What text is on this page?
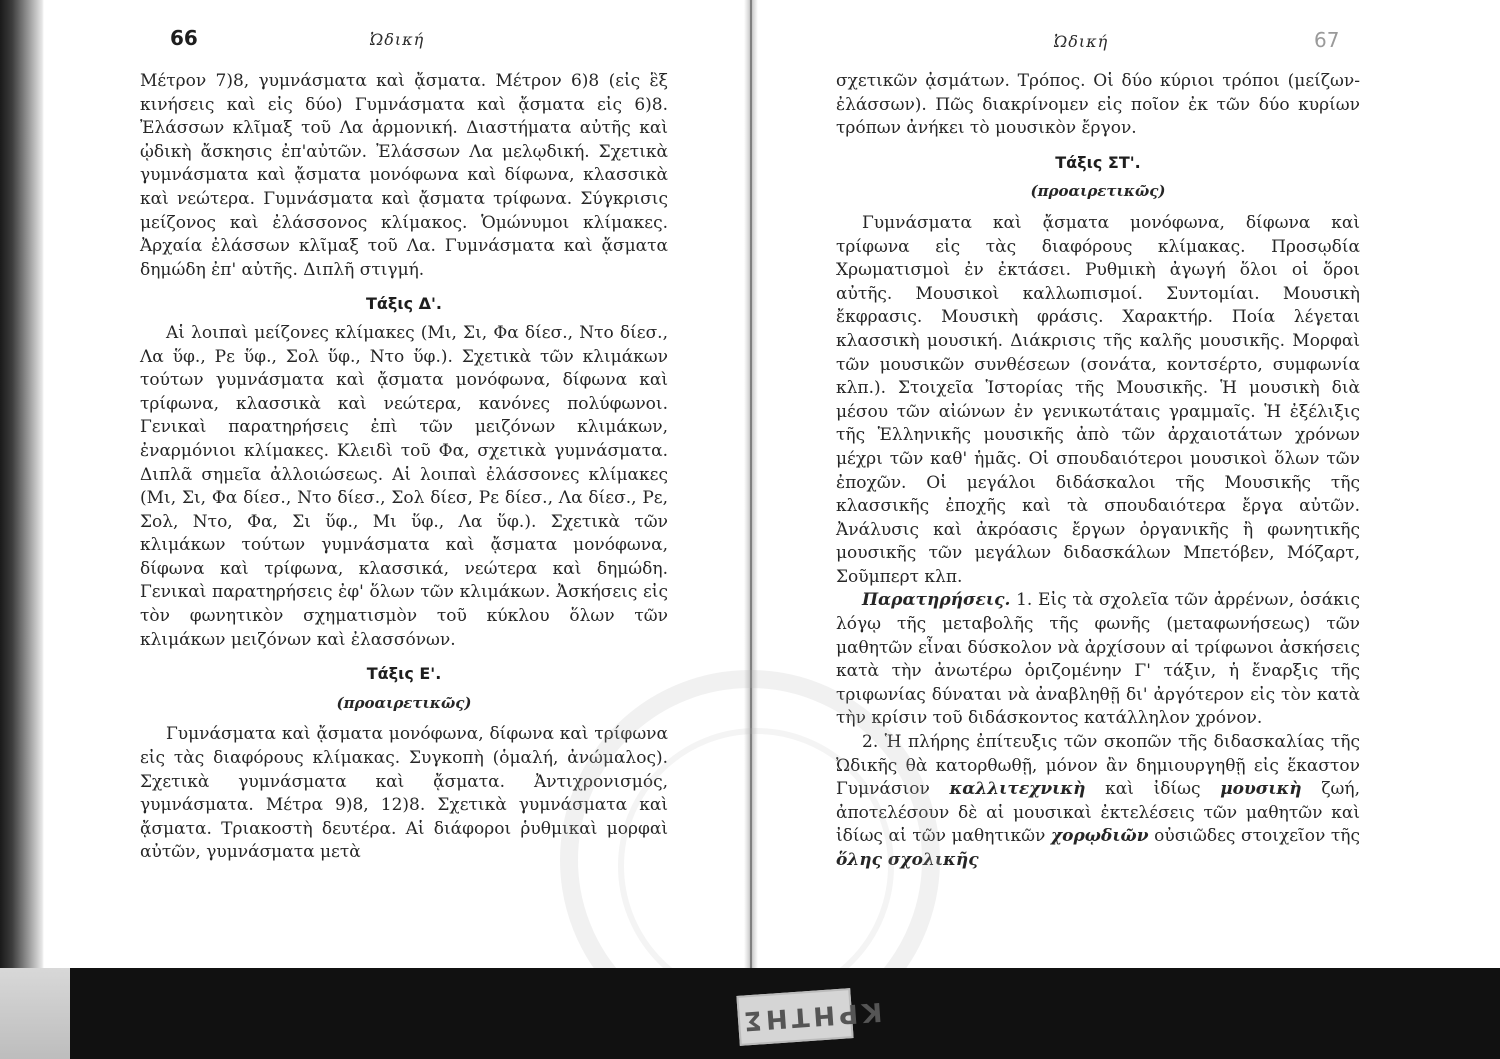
66	Ὠδική

Μέτρον 7)8, γυμνάσματα καὶ ᾄσματα. Μέτρον 6)8 (εἰς ἓξ κινήσεις καὶ εἰς δύο) Γυμνάσματα καὶ ᾄσματα εἰς 6)8. Ἐλάσσων κλῖμαξ τοῦ Λα ἁρμονική. Διαστήματα αὐτῆς καὶ ᾠδικὴ ἄσκησις ἐπ'αὐτῶν. Ἐλάσσων Λα μελῳδική. Σχετικὰ γυμνάσματα καὶ ᾄσματα μονόφωνα καὶ δίφωνα, κλασσικὰ καὶ νεώτερα. Γυμνάσματα καὶ ᾄσματα τρίφωνα. Σύγκρισις μείζονος καὶ ἐλάσσονος κλίμακος. Ὁμώνυμοι κλίμακες. Ἀρχαία ἐλάσσων κλῖμαξ τοῦ Λα. Γυμνάσματα καὶ ᾄσματα δημώδη ἐπ' αὐτῆς. Διπλῆ στιγμή.

Τάξις Δ'.

Αἱ λοιπαὶ μείζονες κλίμακες (Μι, Σι, Φα δίεσ., Ντο δίεσ., Λα ὕφ., Ρε ὕφ., Σολ ὕφ., Ντο ὕφ.). Σχετικὰ τῶν κλιμάκων τούτων γυμνάσματα καὶ ᾄσματα μονόφωνα, δίφωνα καὶ τρίφωνα, κλασσικὰ καὶ νεώτερα, κανόνες πολύφωνοι. Γενικαὶ παρατηρήσεις ἐπὶ τῶν μειζόνων κλιμάκων, ἐναρμόνιοι κλίμακες. Κλειδὶ τοῦ Φα, σχετικὰ γυμνάσματα. Διπλᾶ σημεῖα ἀλλοιώσεως. Αἱ λοιπαὶ ἐλάσσονες κλίμακες (Μι, Σι, Φα δίεσ., Ντο δίεσ., Σολ δίεσ, Ρε δίεσ., Λα δίεσ., Ρε, Σολ, Ντο, Φα, Σι ὕφ., Μι ὕφ., Λα ὕφ.). Σχετικὰ τῶν κλιμάκων τούτων γυμνάσματα καὶ ᾄσματα μονόφωνα, δίφωνα καὶ τρίφωνα, κλασσικά, νεώτερα καὶ δημώδη. Γενικαὶ παρατηρήσεις ἐφ' ὅλων τῶν κλιμάκων. Ἀσκήσεις εἰς τὸν φωνητικὸν σχηματισμὸν τοῦ κύκλου ὅλων τῶν κλιμάκων μειζόνων καὶ ἐλασσόνων.

Τάξις Ε'.
(προαιρετικῶς)

Γυμνάσματα καὶ ᾄσματα μονόφωνα, δίφωνα καὶ τρίφωνα εἰς τὰς διαφόρους κλίμακας. Συγκοπὴ (ὁμαλή, ἀνώμαλος). Σχετικὰ γυμνάσματα καὶ ᾄσματα. Ἀντιχρονισμός, γυμνάσματα. Μέτρα 9)8, 12)8. Σχετικὰ γυμνάσματα καὶ ᾄσματα. Τριακοστὴ δευτέρα. Αἱ διάφοροι ῥυθμικαὶ μορφαὶ αὐτῶν, γυμνάσματα μετὰ

67
Ὠδική

σχετικῶν ᾀσμάτων. Τρόπος. Οἱ δύο κύριοι τρόποι (μείζων-ἐλάσσων). Πῶς διακρίνομεν εἰς ποῖον ἐκ τῶν δύο κυρίων τρόπων ἀνήκει τὸ μουσικὸν ἔργον.

Τάξις ΣΤ'.
(προαιρετικῶς)

Γυμνάσματα καὶ ᾄσματα μονόφωνα, δίφωνα καὶ τρίφωνα εἰς τὰς διαφόρους κλίμακας. Προσῳδία Χρωματισμοὶ ἐν ἐκτάσει. Ρυθμικὴ ἀγωγή ὅλοι οἱ ὅροι αὐτῆς. Μουσικοὶ καλλωπισμοί. Συντομίαι. Μουσικὴ ἔκφρασις. Μουσικὴ φράσις. Χαρακτήρ. Ποία λέγεται κλασσικὴ μουσική. Διάκρισις τῆς καλῆς μουσικῆς. Μορφαὶ τῶν μουσικῶν συνθέσεων (σονάτα, κοντσέρτο, συμφωνία κλπ.). Στοιχεῖα Ἱστορίας τῆς Μουσικῆς. Ἡ μουσικὴ διὰ μέσου τῶν αἰώνων ἐν γενικωτάταις γραμμαῖς. Ἡ ἐξέλιξις τῆς Ἑλληνικῆς μουσικῆς ἀπὸ τῶν ἀρχαιοτάτων χρόνων μέχρι τῶν καθ' ἡμᾶς. Οἱ σπουδαιότεροι μουσικοὶ ὅλων τῶν ἐποχῶν. Οἱ μεγάλοι διδάσκαλοι τῆς Μουσικῆς τῆς κλασσικῆς ἐποχῆς καὶ τὰ σπουδαιότερα ἔργα αὐτῶν. Ἀνάλυσις καὶ ἀκρόασις ἔργων ὀργανικῆς ἢ φωνητικῆς μουσικῆς τῶν μεγάλων διδασκάλων Μπετόβεν, Μόζαρτ, Σοῦμπερτ κλπ.

Παρατηρήσεις. 1. Εἰς τὰ σχολεῖα τῶν ἀρρένων, ὁσάκις λόγῳ τῆς μεταβολῆς τῆς φωνῆς (μεταφωνήσεως) τῶν μαθητῶν εἶναι δύσκολον νὰ ἀρχίσουν αἱ τρίφωνοι ἀσκήσεις κατὰ τὴν ἀνωτέρω ὁριζομένην Γ' τάξιν, ἡ ἔναρξις τῆς τριφωνίας δύναται νὰ ἀναβληθῇ δι' ἀργότερον εἰς τὸν κατὰ τὴν κρίσιν τοῦ διδάσκοντος κατάλληλον χρόνον.

2. Ἡ πλήρης ἐπίτευξις τῶν σκοπῶν τῆς διδασκαλίας τῆς Ὠδικῆς θὰ κατορθωθῇ, μόνον ἂν δημιουργηθῇ εἰς ἕκαστον Γυμνάσιον καλλιτεχνικὴ καὶ ἰδίως μουσικὴ ζωή, ἀποτελέσουν δὲ αἱ μουσικαὶ ἐκτελέσεις τῶν μαθητῶν καὶ ἰδίως αἱ τῶν μαθητικῶν χορῳδιῶν οὐσιῶδες στοιχεῖον τῆς ὅλης σχολικῆς

ΚΡΗΤΗΣ
